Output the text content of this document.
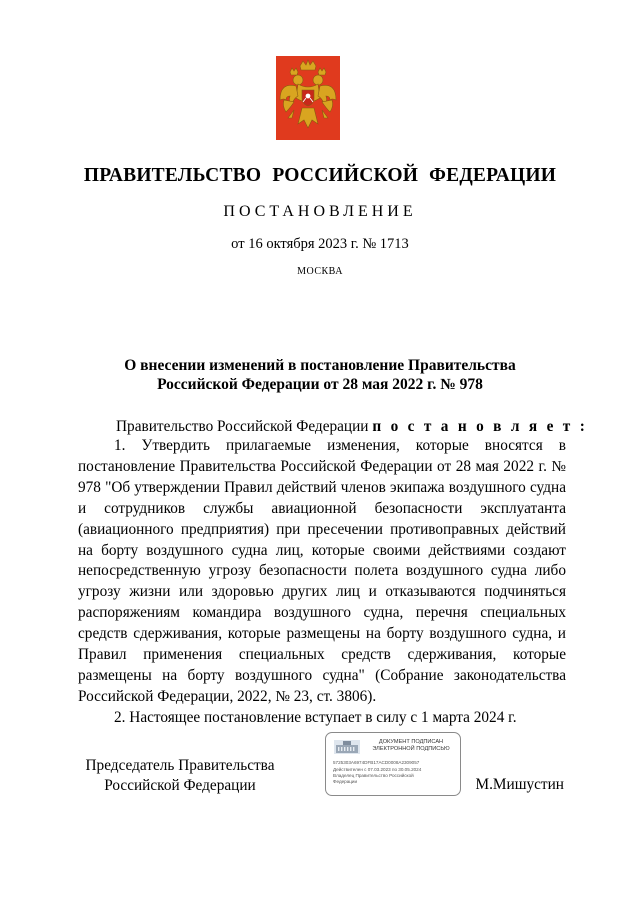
ПРАВИТЕЛЬСТВО РОССИЙСКОЙ ФЕДЕРАЦИИ
ПОСТАНОВЛЕНИЕ
от 16 октября 2023 г. № 1713
МОСКВА
О внесении изменений в постановление Правительства
Российской Федерации от 28 мая 2022 г. № 978
Правительство Российской Федерации п о с т а н о в л я е т :

1. Утвердить прилагаемые изменения, которые вносятся в постановление Правительства Российской Федерации от 28 мая 2022 г. № 978 "Об утверждении Правил действий членов экипажа воздушного судна и сотрудников службы авиационной безопасности эксплуатанта (авиационного предприятия) при пресечении противоправных действий на борту воздушного судна лиц, которые своими действиями создают непосредственную угрозу безопасности полета воздушного судна либо угрозу жизни или здоровью других лиц и отказываются подчиняться распоряжениям командира воздушного судна, перечня специальных средств сдерживания, которые размещены на борту воздушного судна, и Правил применения специальных средств сдерживания, которые размещены на борту воздушного судна" (Собрание законодательства Российской Федерации, 2022, № 23, ст. 3806).

2. Настоящее постановление вступает в силу с 1 марта 2024 г.

Председатель Правительства
Российской Федерации
ДОКУМЕНТ ПОДПИСАН
ЭЛЕКТРОННОЙ ПОДПИСЬЮ
5725303A6974DFB17ACD0008A2309057
Действителен с 07.03.2023 по 30.05.2024
Владелец Правительство Российской
Федерации	М.Мишустин
